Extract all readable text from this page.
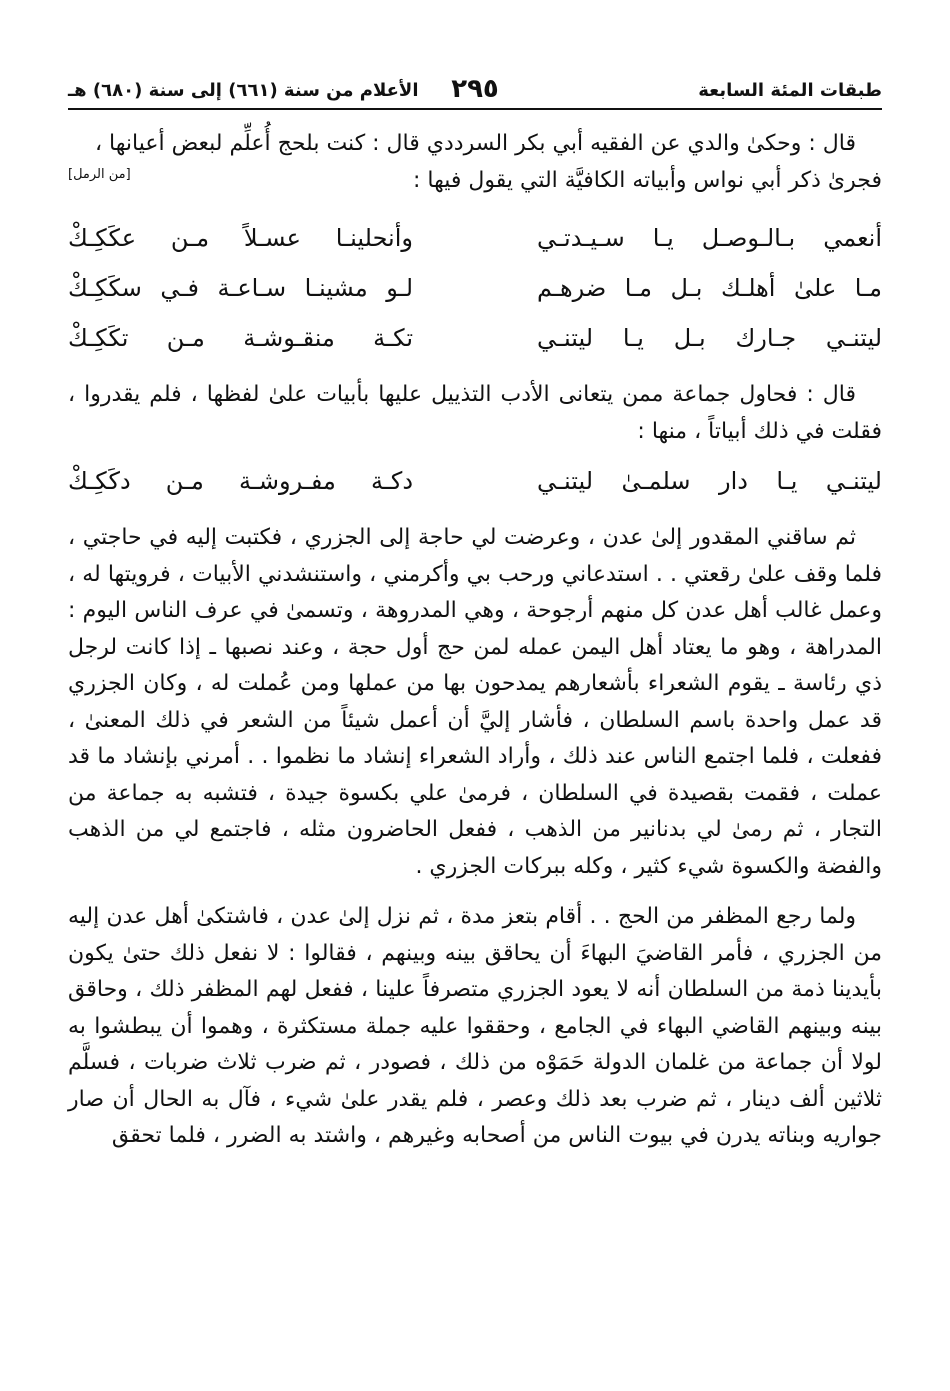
طبقات المئة السابعة
٢٩٥
الأعلام من سنة (٦٦١) إلى سنة (٦٨٠) هـ

قال : وحكىٰ والدي عن الفقيه أبي بكر السرددي قال : كنت بلحج أُعلِّم لبعض أعيانها ،

فجرىٰ ذكر أبي نواس وأبياته الكافيَّة التي يقول فيها :

[من الرمل]
أنعمي بـالـوصـل يـا سـيـدتـي
وأنحلينـا عسـلاً مـن عكَكِـكْ
مـا علىٰ أهلـك بـل مـا ضرهـم
لـو مشينـا سـاعـة فـي سكَكِـكْ
ليتنـي جـارك بـل يـا ليتنـي
تكـة منقـوشـة مـن تكَكِـكْ

قال : فحاول جماعة ممن يتعانى الأدب التذييل عليها بأبيات علىٰ لفظها ، فلم يقدروا ، فقلت في ذلك أبياتاً ، منها :

ليتنـي يـا دار سلمـىٰ ليتنـي
دكـة مفـروشـة مـن دكَكِـكْ

ثم ساقني المقدور إلىٰ عدن ، وعرضت لي حاجة إلى الجزري ، فكتبت إليه في حاجتي ، فلما وقف علىٰ رقعتي . . استدعاني ورحب بي وأكرمني ، واستنشدني الأبيات ، فرويتها له ، وعمل غالب أهل عدن كل منهم أرجوحة ، وهي المدروهة ، وتسمىٰ في عرف الناس اليوم : المدراهة ، وهو ما يعتاد أهل اليمن عمله لمن حج أول حجة ، وعند نصبها ـ إذا كانت لرجل ذي رئاسة ـ يقوم الشعراء بأشعارهم يمدحون بها من عملها ومن عُملت له ، وكان الجزري قد عمل واحدة باسم السلطان ، فأشار إليَّ أن أعمل شيئاً من الشعر في ذلك المعنىٰ ، ففعلت ، فلما اجتمع الناس عند ذلك ، وأراد الشعراء إنشاد ما نظموا . . أمرني بإنشاد ما قد عملت ، فقمت بقصيدة في السلطان ، فرمىٰ علي بكسوة جيدة ، فتشبه به جماعة من التجار ، ثم رمىٰ لي بدنانير من الذهب ، ففعل الحاضرون مثله ، فاجتمع لي من الذهب والفضة والكسوة شيء كثير ، وكله ببركات الجزري .

ولما رجع المظفر من الحج . . أقام بتعز مدة ، ثم نزل إلىٰ عدن ، فاشتكىٰ أهل عدن إليه من الجزري ، فأمر القاضيَ البهاءَ أن يحاقق بينه وبينهم ، فقالوا : لا نفعل ذلك حتىٰ يكون بأيدينا ذمة من السلطان أنه لا يعود الجزري متصرفاً علينا ، ففعل لهم المظفر ذلك ، وحاقق بينه وبينهم القاضي البهاء في الجامع ، وحققوا عليه جملة مستكثرة ، وهموا أن يبطشوا به لولا أن جماعة من غلمان الدولة حَمَوْه من ذلك ، فصودر ، ثم ضرب ثلاث ضربات ، فسلَّم ثلاثين ألف دينار ، ثم ضرب بعد ذلك وعصر ، فلم يقدر علىٰ شيء ، فآل به الحال أن صار جواريه وبناته يدرن في بيوت الناس من أصحابه وغيرهم ، واشتد به الضرر ، فلما تحقق
